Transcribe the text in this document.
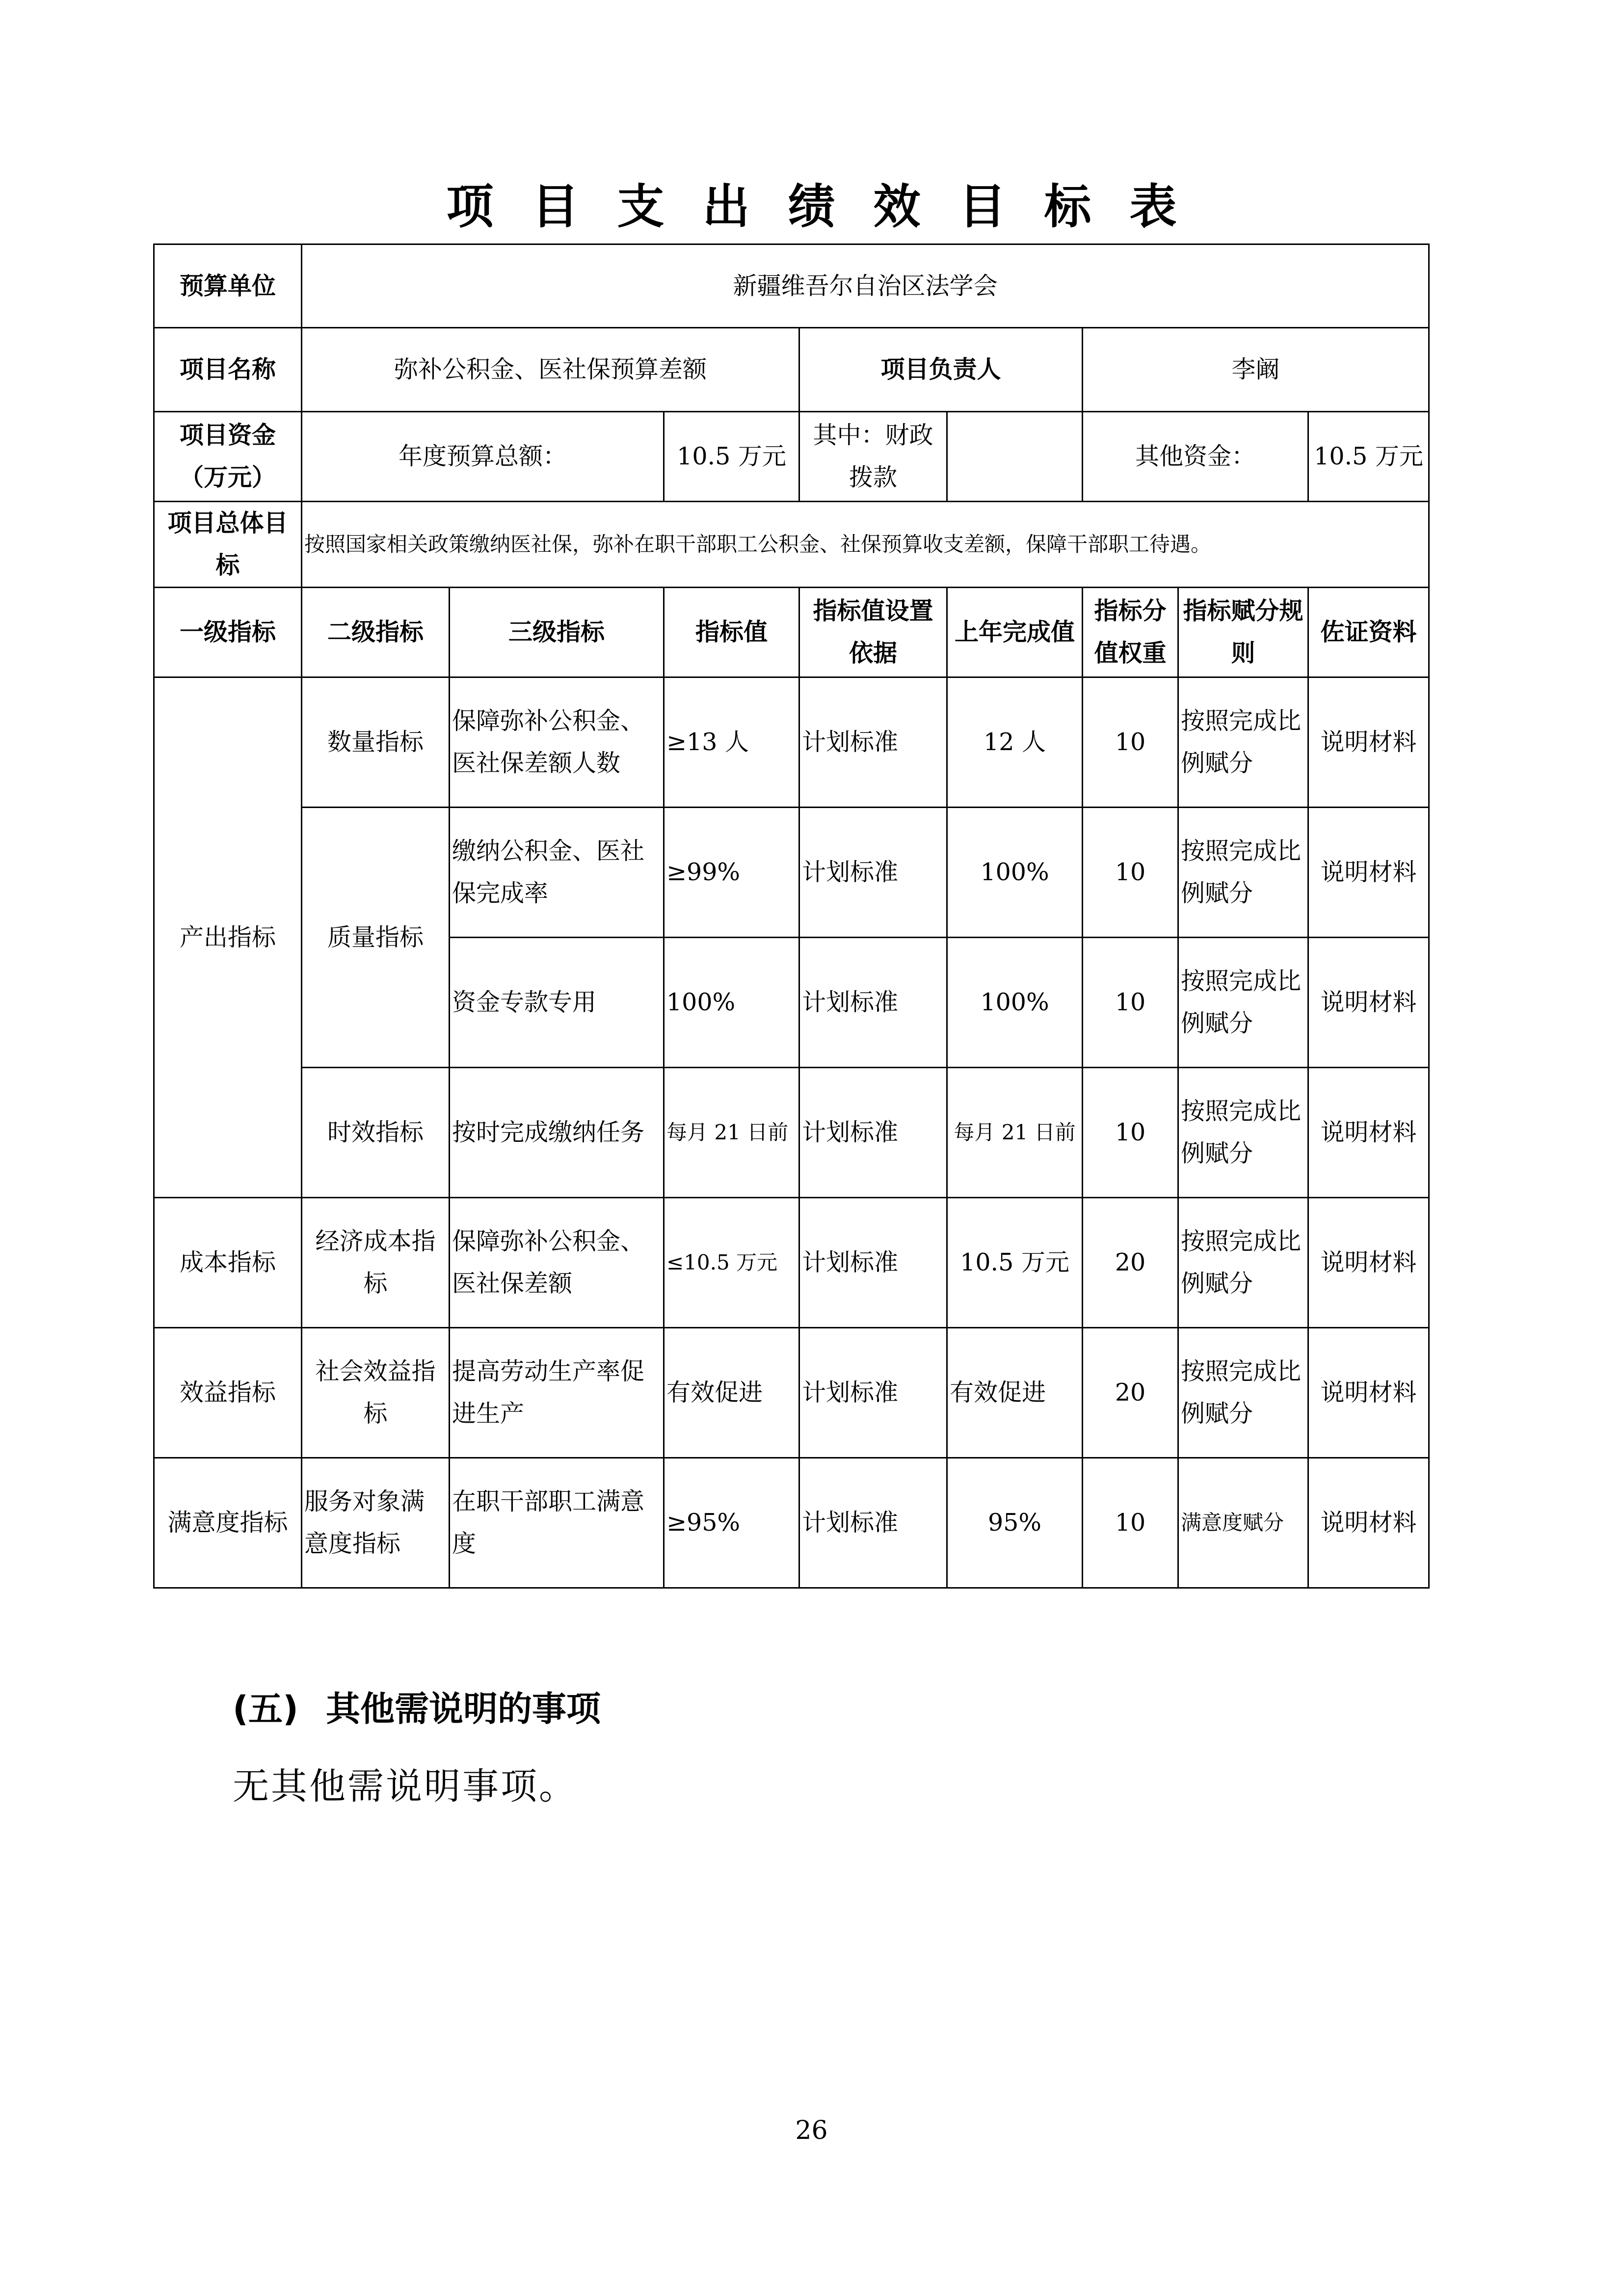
项目支出绩效目标表
预算单位	新疆维吾尔自治区法学会							
项目名称	弥补公积金、医社保预算差额			项目负责人		李阚		
项目资金（万元）	年度预算总额：		10.5 万元	其中：财政拨款		其他资金：		10.5 万元
项目总体目标	按照国家相关政策缴纳医社保，弥补在职干部职工公积金、社保预算收支差额，保障干部职工待遇。							
一级指标	二级指标	三级指标	指标值	指标值设置依据	上年完成值	指标分值权重	指标赋分规则	佐证资料
产出指标	数量指标	保障弥补公积金、医社保差额人数	≥13 人	计划标准	12 人	10	按照完成比例赋分	说明材料
	质量指标	缴纳公积金、医社保完成率	≥99%	计划标准	100%	10	按照完成比例赋分	说明材料
		资金专款专用	100%	计划标准	100%	10	按照完成比例赋分	说明材料
	时效指标	按时完成缴纳任务	每月 21 日前	计划标准	每月 21 日前	10	按照完成比例赋分	说明材料
成本指标	经济成本指标	保障弥补公积金、医社保差额	≤10.5 万元	计划标准	10.5 万元	20	按照完成比例赋分	说明材料
效益指标	社会效益指标	提高劳动生产率促进生产	有效促进	计划标准	有效促进	20	按照完成比例赋分	说明材料
满意度指标	服务对象满意度指标	在职干部职工满意度	≥95%	计划标准	95%	10	满意度赋分	说明材料
(五) 其他需说明的事项
无其他需说明事项。
26
